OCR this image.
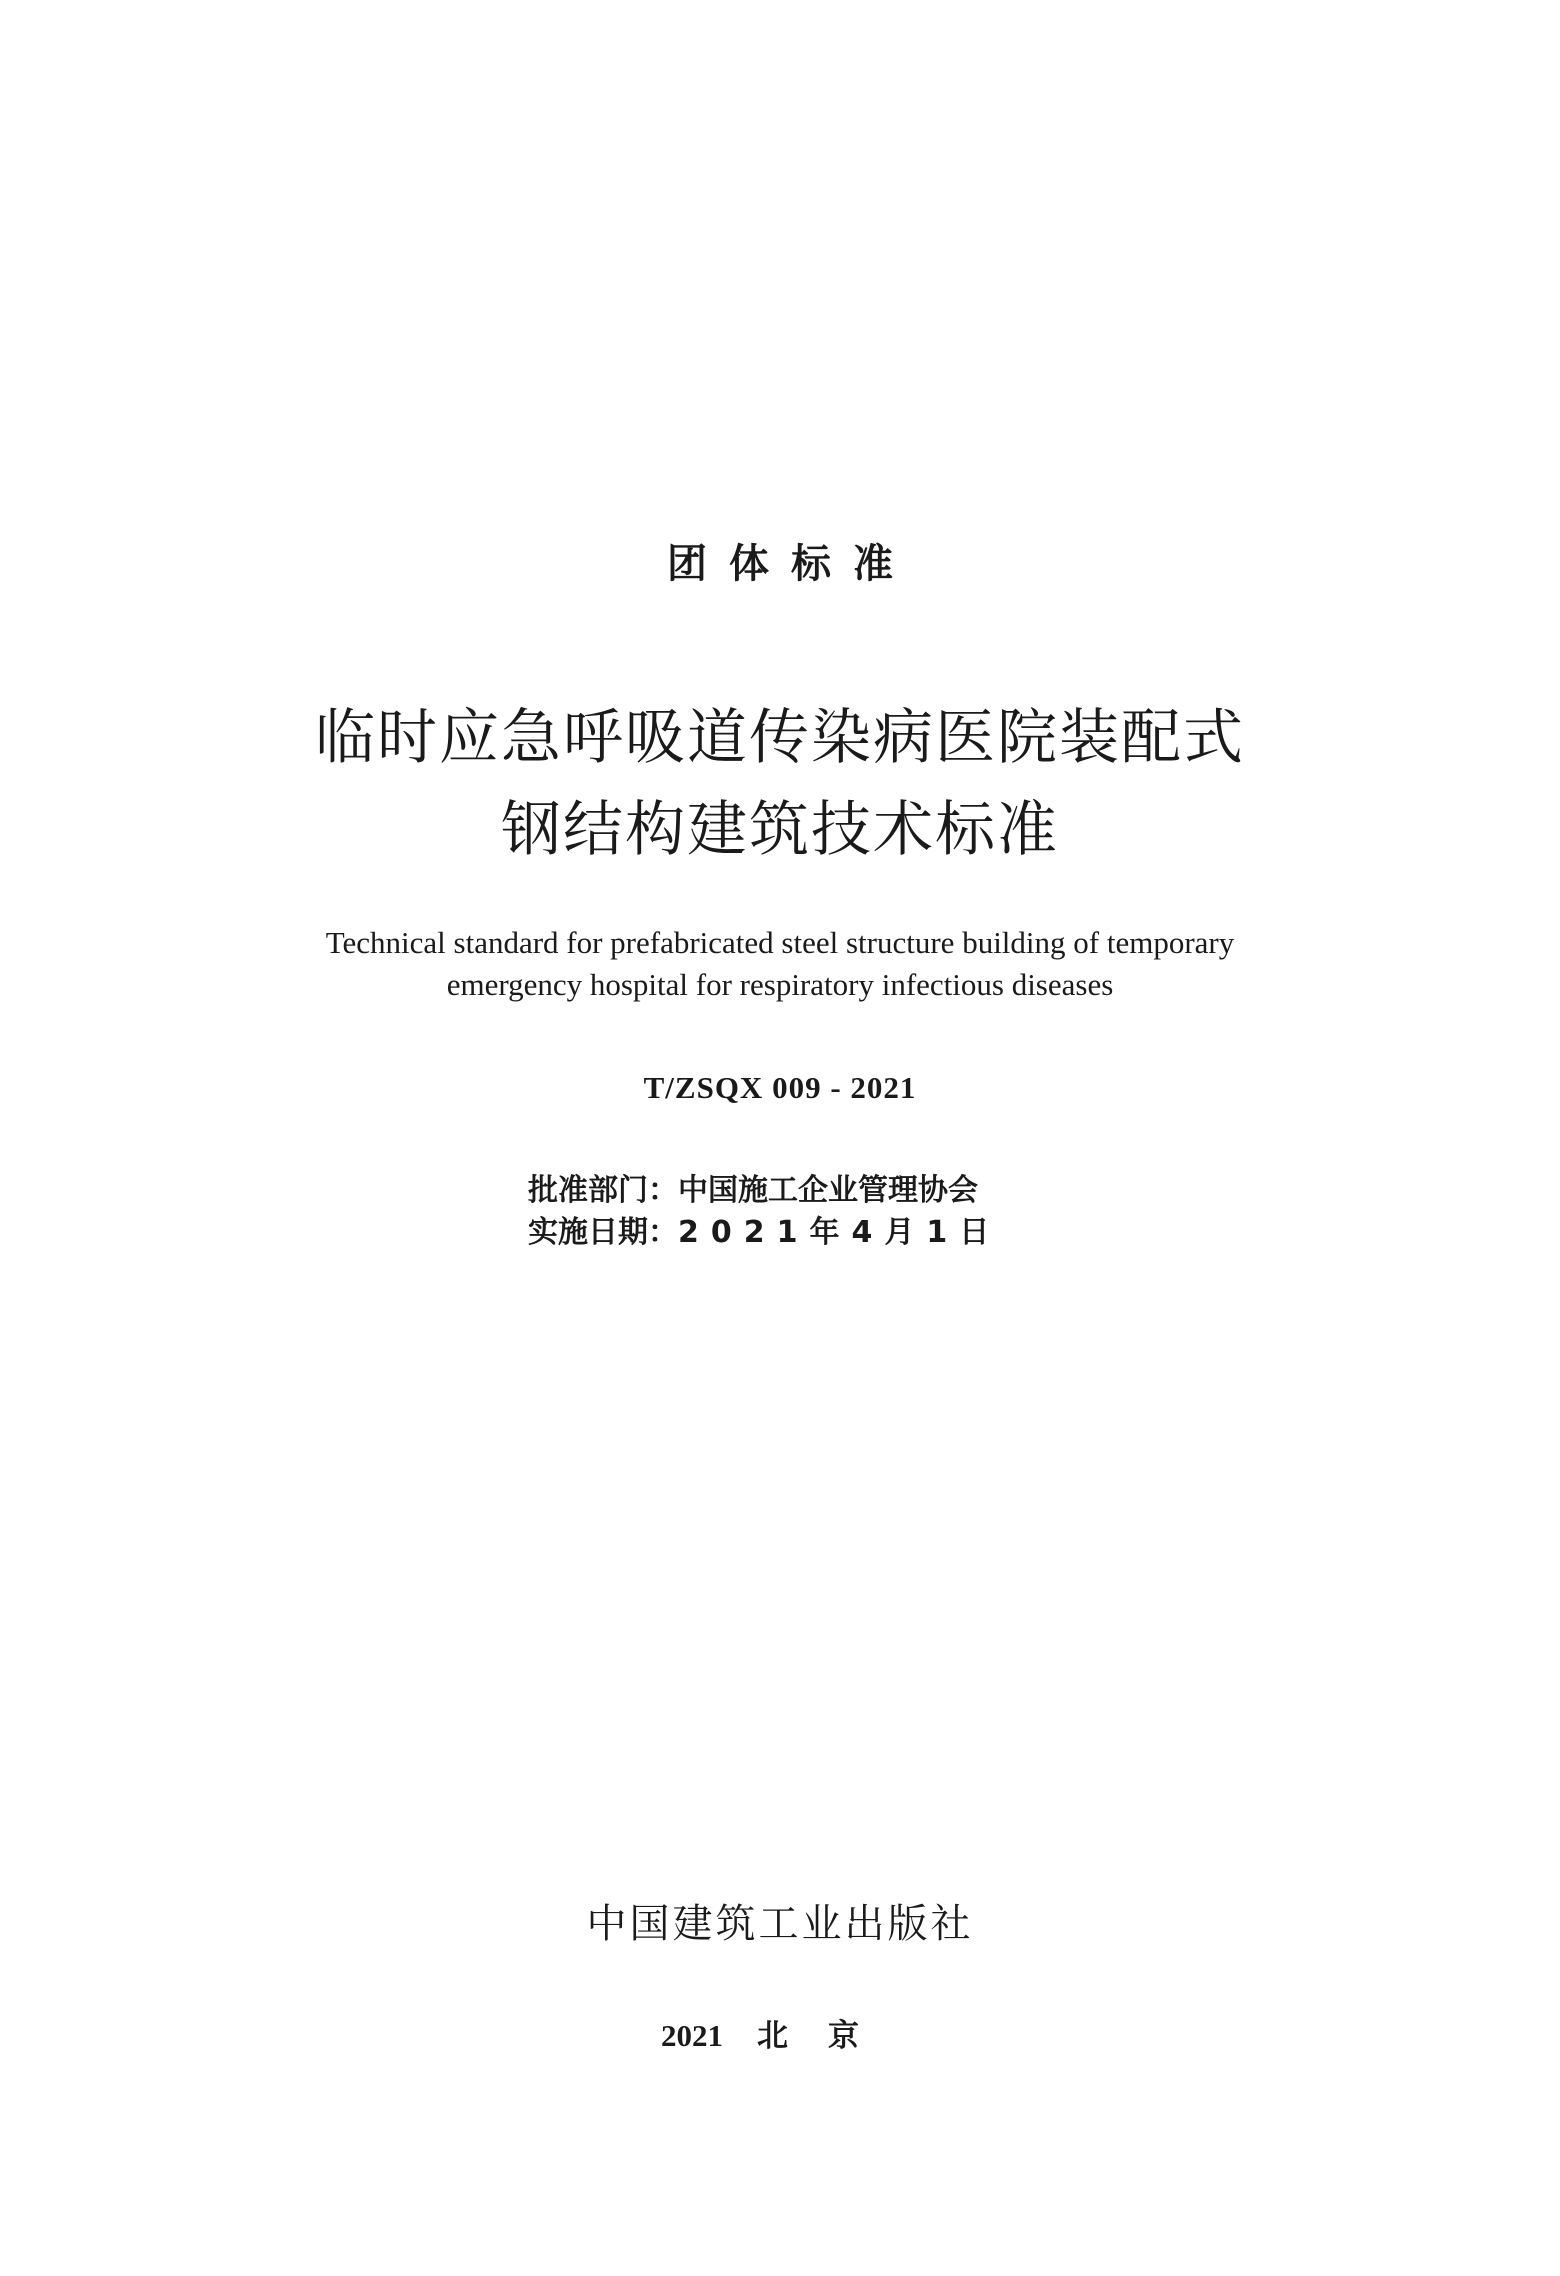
团体标准
临时应急呼吸道传染病医院装配式
钢结构建筑技术标准
Technical standard for prefabricated steel structure building of temporary
emergency hospital for respiratory infectious diseases
T/ZSQX 009 - 2021
批准部门：中国施工企业管理协会
实施日期：2021年4月1日
中国建筑工业出版社
2021 北京
